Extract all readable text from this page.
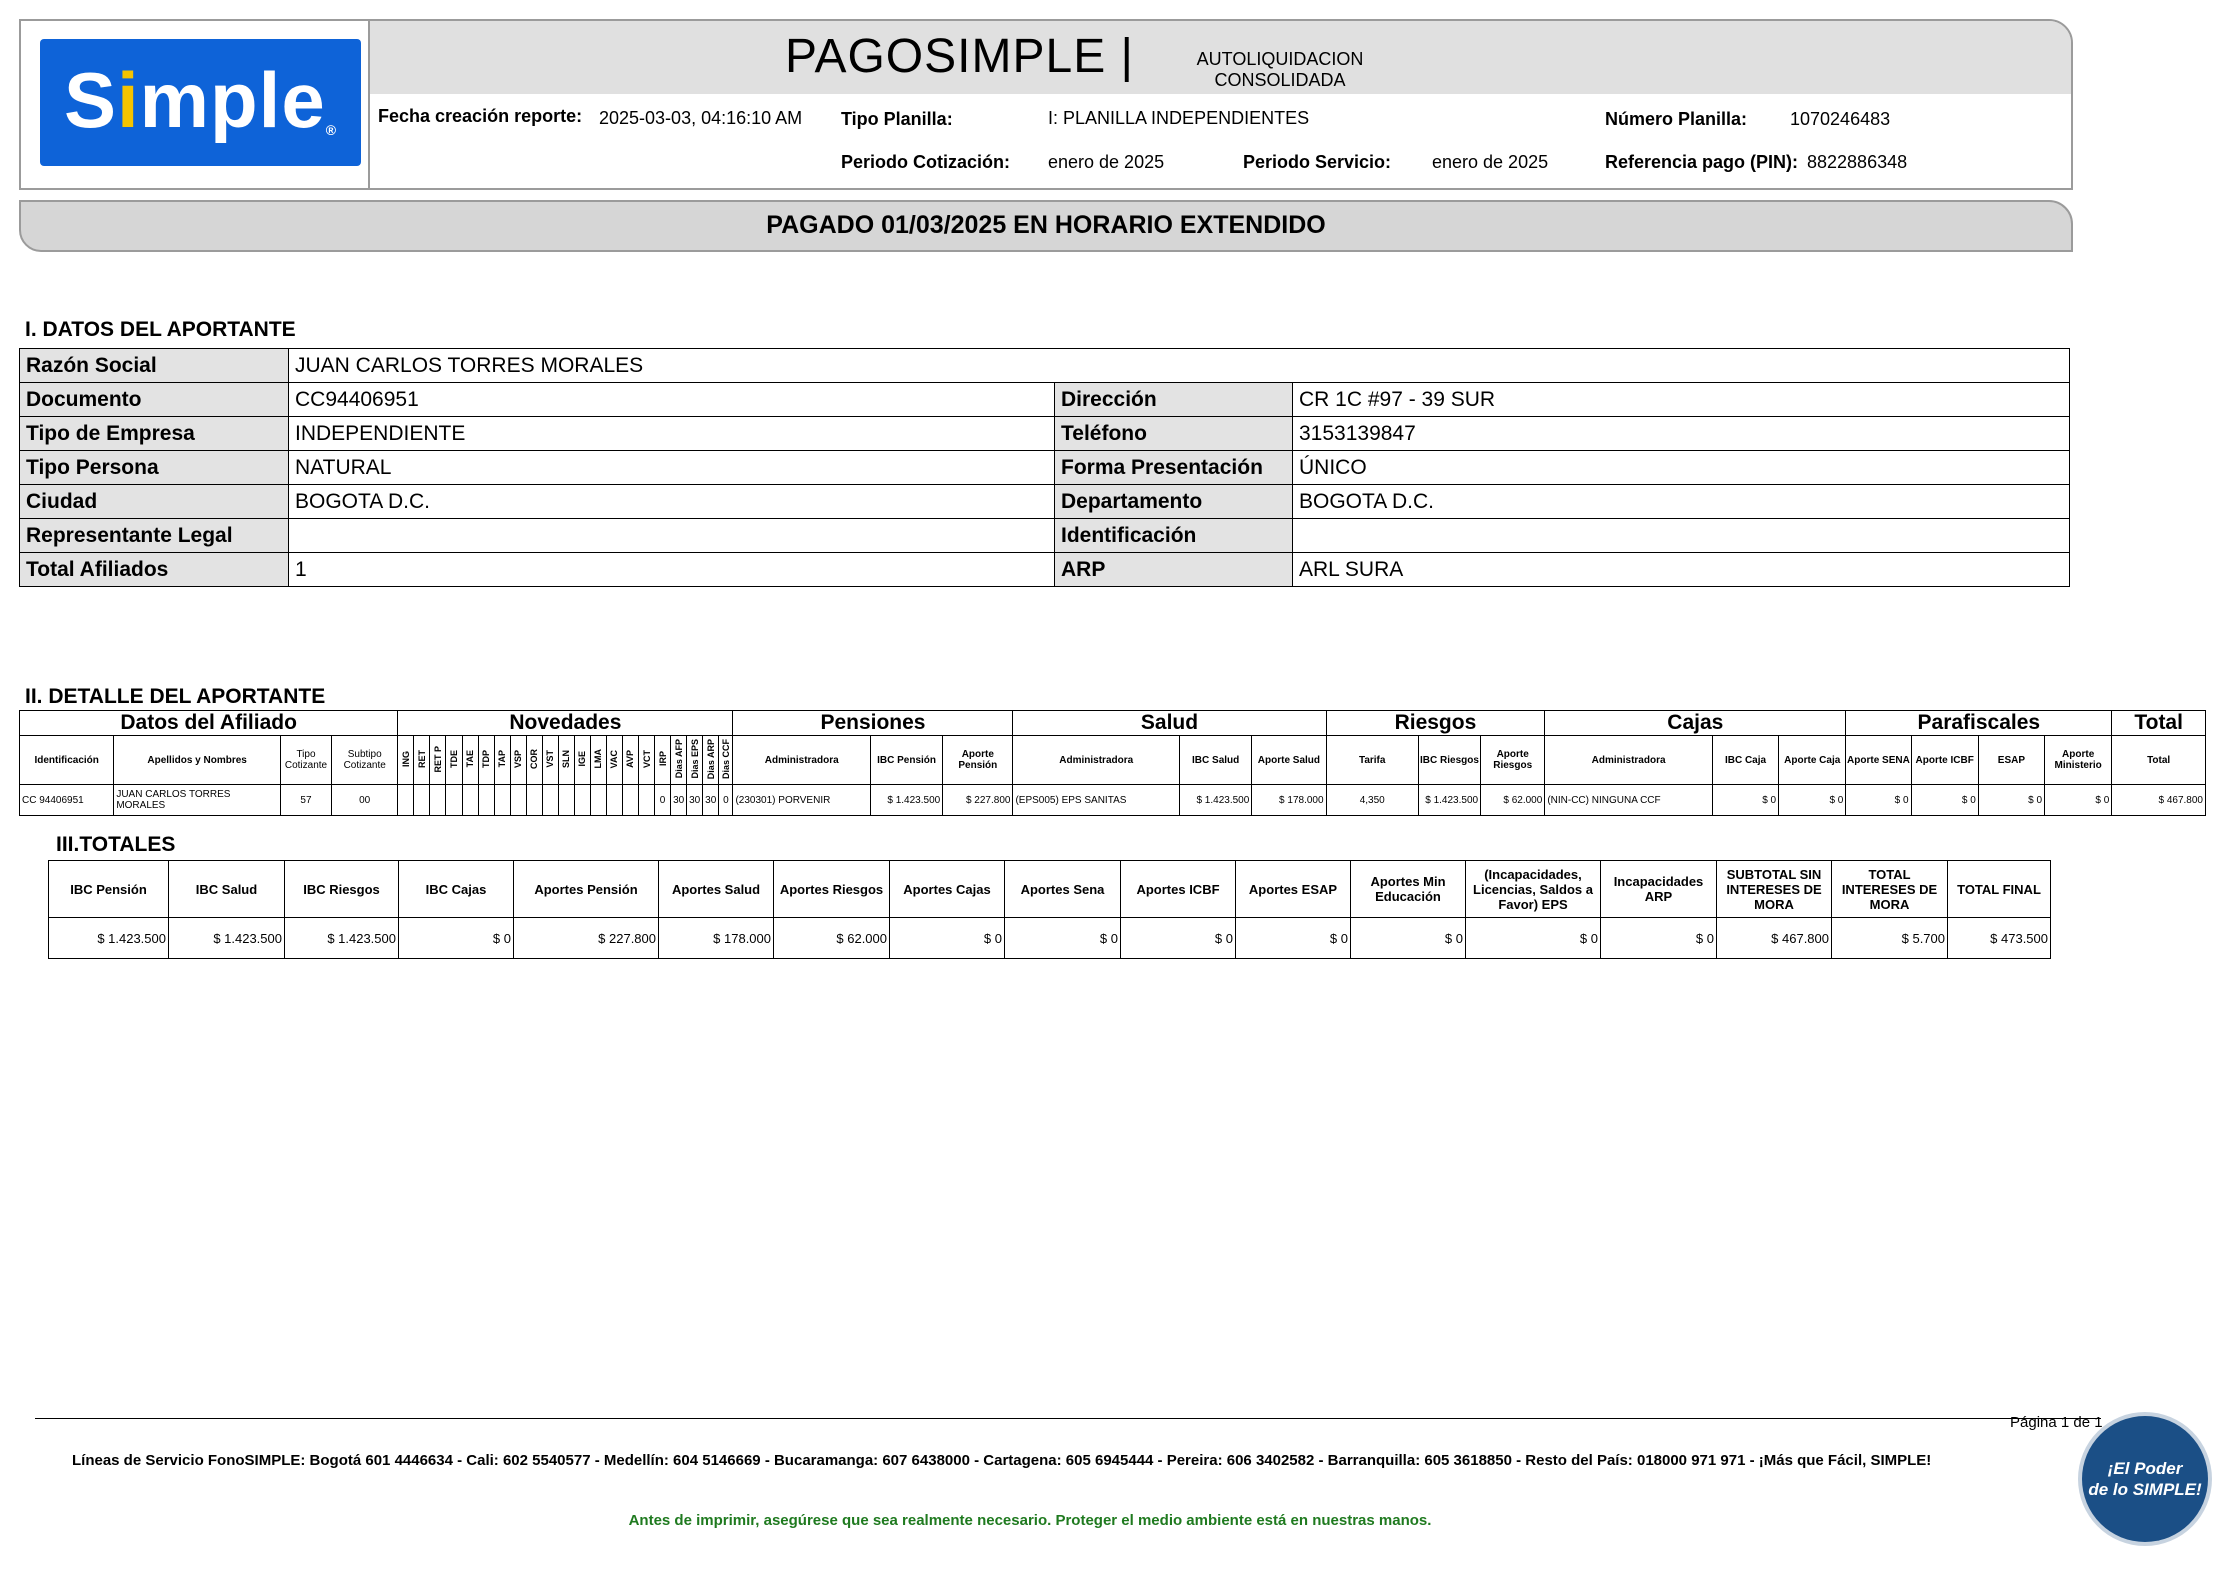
Simple®
PAGOSIMPLE |	AUTOLIQUIDACION
CONSOLIDADA
Fecha creación reporte: 2025-03-03, 04:16:10 AM Tipo Planilla:	I: PLANILLA INDEPENDIENTES	Número Planilla: 1070246483
Periodo Cotización: enero de 2025	Periodo Servicio: enero de 2025	Referencia pago (PIN): 8822886348
PAGADO 01/03/2025 EN HORARIO EXTENDIDO
I. DATOS DEL APORTANTE
Razón Social	JUAN CARLOS TORRES MORALES		
Documento	CC94406951	Dirección	CR 1C #97 - 39 SUR
Tipo de Empresa	INDEPENDIENTE	Teléfono	3153139847
Tipo Persona	NATURAL	Forma Presentación	ÚNICO
Ciudad	BOGOTA D.C.	Departamento	BOGOTA D.C.
Representante Legal		Identificación	
Total Afiliados	1	ARP	ARL SURA
II. DETALLE DEL APORTANTE
Datos del Afiliado				Novedades																					Pensiones			Salud			Riesgos			Cajas			Parafiscales				Total
Identificación	Apellidos y Nombres	Tipo Cotizante	Subtipo Cotizante	ING	RET	RET P	TDE	TAE	TDP	TAP	VSP	COR	VST	SLN	IGE	LMA	VAC	AVP	VCT	IRP	Dias AFP	Dias EPS	Dias ARP	Dias CCF	Administradora	IBC Pensión	Aporte Pensión	Administradora	IBC Salud	Aporte Salud	Tarifa	IBC Riesgos	Aporte Riesgos	Administradora	IBC Caja	Aporte Caja	Aporte SENA	Aporte ICBF	ESAP	Aporte Ministerio	Total
CC 94406951	JUAN CARLOS TORRES MORALES	57	00																	0	30	30	30	0	(230301) PORVENIR	$ 1.423.500	$ 227.800	(EPS005) EPS SANITAS	$ 1.423.500	$ 178.000	4,350	$ 1.423.500	$ 62.000	(NIN-CC) NINGUNA CCF	$ 0	$ 0	$ 0	$ 0	$ 0	$ 0	$ 467.800
III.TOTALES
IBC Pensión	IBC Salud	IBC Riesgos	IBC Cajas	Aportes Pensión	Aportes Salud	Aportes Riesgos	Aportes Cajas	Aportes Sena	Aportes ICBF	Aportes ESAP	Aportes Min Educación	(Incapacidades, Licencias, Saldos a Favor) EPS	Incapacidades ARP	SUBTOTAL SIN INTERESES DE MORA	TOTAL INTERESES DE MORA	TOTAL FINAL
$ 1.423.500	$ 1.423.500	$ 1.423.500	$ 0	$ 227.800	$ 178.000	$ 62.000	$ 0	$ 0	$ 0	$ 0	$ 0	$ 0	$ 0	$ 467.800	$ 5.700	$ 473.500
Página 1 de 1
Líneas de Servicio FonoSIMPLE: Bogotá 601 4446634 - Cali: 602 5540577 - Medellín: 604 5146669 - Bucaramanga: 607 6438000 - Cartagena: 605 6945444 - Pereira: 606 3402582 - Barranquilla: 605 3618850 - Resto del País: 018000 971 971 - ¡Más que Fácil, SIMPLE!
Antes de imprimir, asegúrese que sea realmente necesario. Proteger el medio ambiente está en nuestras manos.
¡El Poder
de lo SIMPLE!
